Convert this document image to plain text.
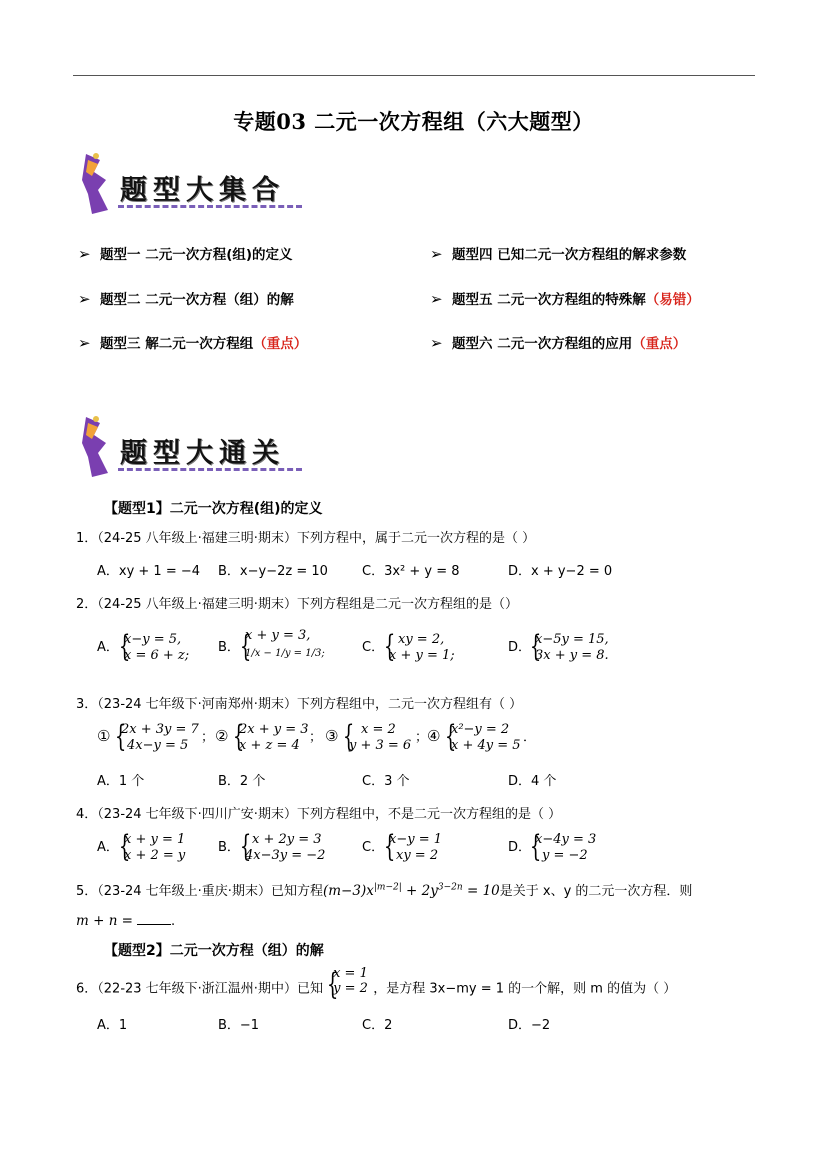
专题03 二元一次方程组（六大题型）
题型大集合
➢ 题型一 二元一次方程(组)的定义
➢ 题型二 二元一次方程（组）的解
➢ 题型三 解二元一次方程组（重点）
➢ 题型四 已知二元一次方程组的解求参数
➢ 题型五 二元一次方程组的特殊解（易错）
➢ 题型六 二元一次方程组的应用（重点）
题型大通关
【题型1】二元一次方程(组)的定义
1．（24-25 八年级上·福建三明·期末）下列方程中，属于二元一次方程的是（ ）
A．xy + 1 = −4 B．x−y−2z = 10	C．3x² + y = 8	D．x + y−2 = 0
2．（24-25 八年级上·福建三明·期末）下列方程组是二元一次方程组的是（）
A． {
x−y = 5,
x = 6 + z;
B． {
x + y = 3,
1/x − 1/y = 1/3;	C． { xy = 2,
x + y = 1;
D．
{
x−5y = 15,
3x + y = 8.
3．（23-24 七年级下·河南郑州·期末）下列方程组中，二元一次方程组有（ ）
① {
2x + 3y = 7
4x−y = 5
； ② {
2x + y = 3
x + z = 4
； ③ { x = 2
y + 3 = 6
；
④ {
x²−y = 2
x + 4y = 5
．
A．1 个	B．2 个	C．3 个	D．4 个
4．（23-24 七年级下·四川广安·期末）下列方程组中，不是二元一次方程组的是（ ）
A． {
x + y = 1
x + 2 = y
B． { x + 2y = 3
4x−3y = −2
C． {
x−y = 1
xy = 2
D．
{
x−4y = 3
y = −2
5．（23-24 七年级上·重庆·期末）已知方程$(m-3)x^{|m-2|} + 2y^{3-2n} = 10$是关于 x、y 的二元一次方程．则
m + n =	.
【题型2】二元一次方程（组）的解
6．（22-23 七年级下·浙江温州·期中）已知 {
x = 1
y = 2 ，是方程 3x−my = 1 的一个解，则 m 的值为（ ）
A．1	B．−1	C．2	D．−2
